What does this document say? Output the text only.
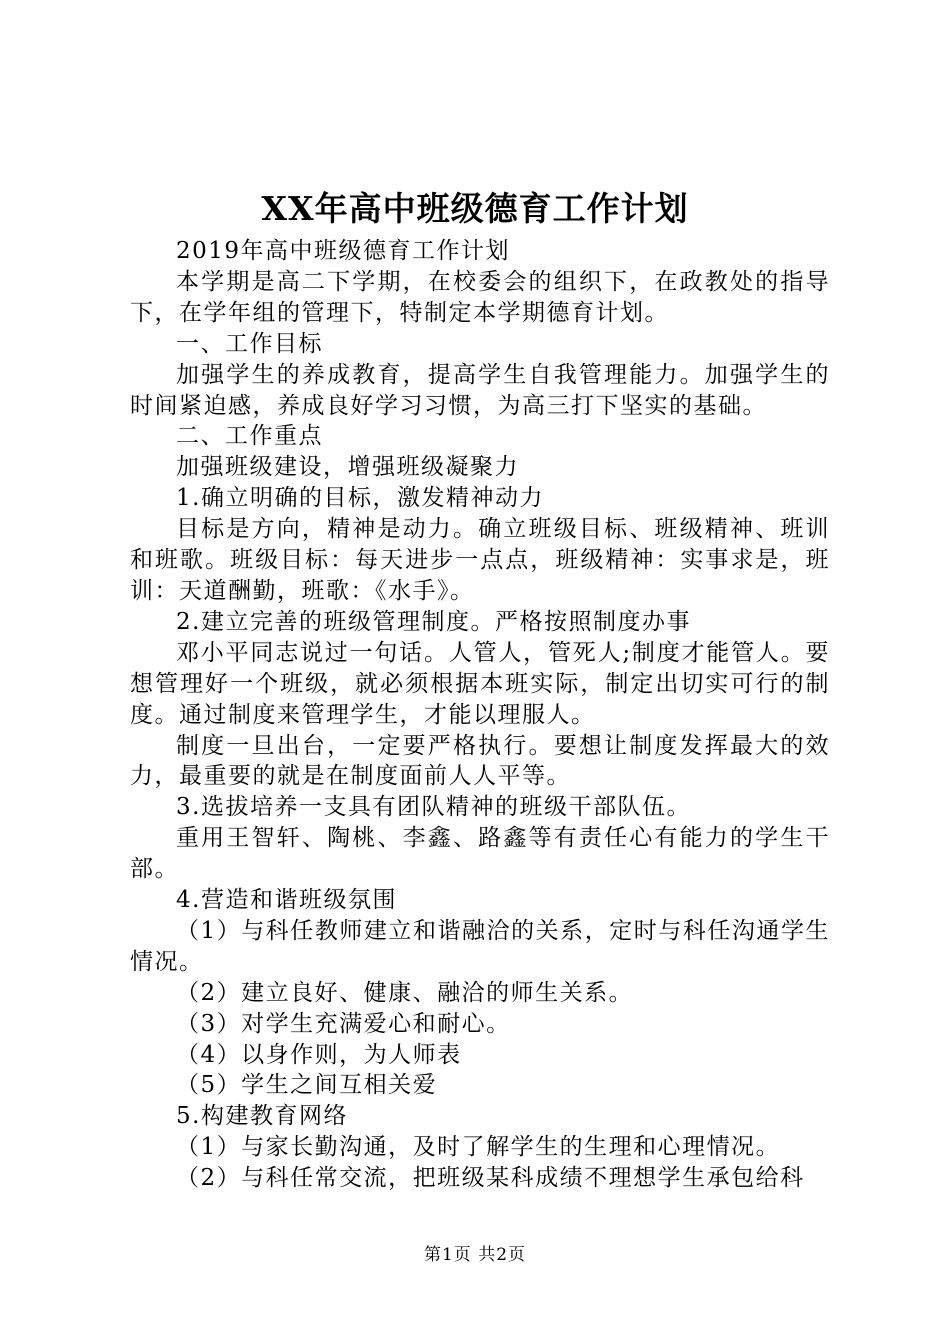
XX年高中班级德育工作计划

2019年高中班级德育工作计划

本学期是高二下学期，在校委会的组织下，在政教处的指导下，在学年组的管理下，特制定本学期德育计划。

一、工作目标

加强学生的养成教育，提高学生自我管理能力。加强学生的时间紧迫感，养成良好学习习惯，为高三打下坚实的基础。

二、工作重点

加强班级建设，增强班级凝聚力

1.确立明确的目标，激发精神动力

目标是方向，精神是动力。确立班级目标、班级精神、班训和班歌。班级目标：每天进步一点点，班级精神：实事求是，班训：天道酬勤，班歌：《水手》。

2.建立完善的班级管理制度。严格按照制度办事

邓小平同志说过一句话。人管人，管死人;制度才能管人。要想管理好一个班级，就必须根据本班实际，制定出切实可行的制度。通过制度来管理学生，才能以理服人。

制度一旦出台，一定要严格执行。要想让制度发挥最大的效力，最重要的就是在制度面前人人平等。

3.选拔培养一支具有团队精神的班级干部队伍。

重用王智轩、陶桃、李鑫、路鑫等有责任心有能力的学生干部。

4.营造和谐班级氛围

（1）与科任教师建立和谐融洽的关系，定时与科任沟通学生情况。

（2）建立良好、健康、融洽的师生关系。

（3）对学生充满爱心和耐心。

（4）以身作则，为人师表

（5）学生之间互相关爱

5.构建教育网络

（1）与家长勤沟通，及时了解学生的生理和心理情况。

（2）与科任常交流，把班级某科成绩不理想学生承包给科

第1页 共2页
